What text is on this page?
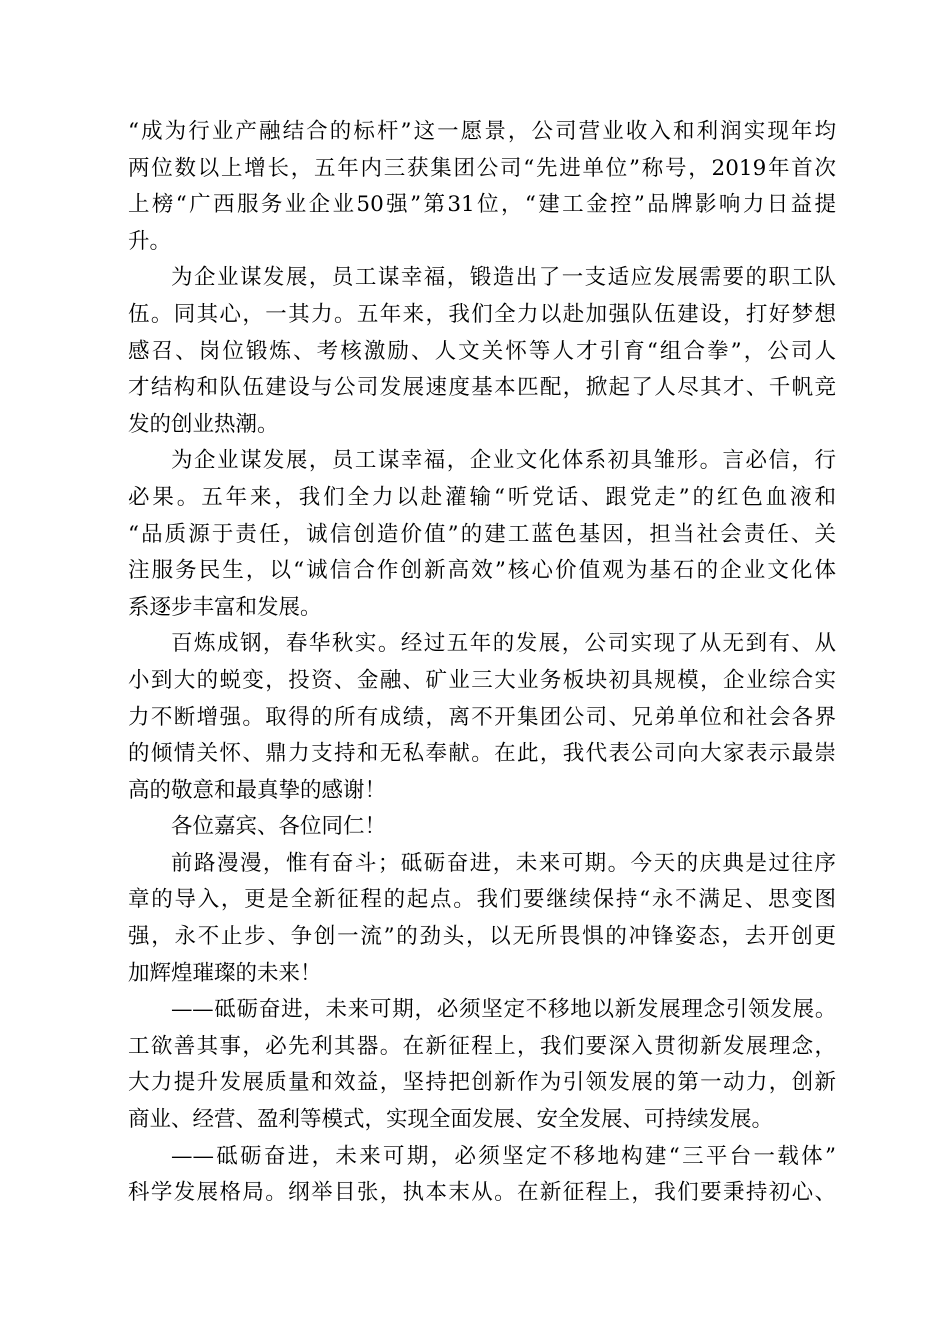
“成为行业产融结合的标杆”这一愿景，公司营业收入和利润实现年均
两位数以上增长，五年内三获集团公司“先进单位”称号，2019年首次
上榜“广西服务业企业50强”第31位，“建工金控”品牌影响力日益提
升。
为企业谋发展，员工谋幸福，锻造出了一支适应发展需要的职工队
伍。同其心，一其力。五年来，我们全力以赴加强队伍建设，打好梦想
感召、岗位锻炼、考核激励、人文关怀等人才引育“组合拳”，公司人
才结构和队伍建设与公司发展速度基本匹配，掀起了人尽其才、千帆竞
发的创业热潮。
为企业谋发展，员工谋幸福，企业文化体系初具雏形。言必信，行
必果。五年来，我们全力以赴灌输“听党话、跟党走”的红色血液和
“品质源于责任，诚信创造价值”的建工蓝色基因，担当社会责任、关
注服务民生，以“诚信合作创新高效”核心价值观为基石的企业文化体
系逐步丰富和发展。
百炼成钢，春华秋实。经过五年的发展，公司实现了从无到有、从
小到大的蜕变，投资、金融、矿业三大业务板块初具规模，企业综合实
力不断增强。取得的所有成绩，离不开集团公司、兄弟单位和社会各界
的倾情关怀、鼎力支持和无私奉献。在此，我代表公司向大家表示最崇
高的敬意和最真挚的感谢！
各位嘉宾、各位同仁！
前路漫漫，惟有奋斗；砥砺奋进，未来可期。今天的庆典是过往序
章的导入，更是全新征程的起点。我们要继续保持“永不满足、思变图
强，永不止步、争创一流”的劲头，以无所畏惧的冲锋姿态，去开创更
加辉煌璀璨的未来！
——砥砺奋进，未来可期，必须坚定不移地以新发展理念引领发展。
工欲善其事，必先利其器。在新征程上，我们要深入贯彻新发展理念，
大力提升发展质量和效益，坚持把创新作为引领发展的第一动力，创新
商业、经营、盈利等模式，实现全面发展、安全发展、可持续发展。
——砥砺奋进，未来可期，必须坚定不移地构建“三平台一载体”
科学发展格局。纲举目张，执本末从。在新征程上，我们要秉持初心、
